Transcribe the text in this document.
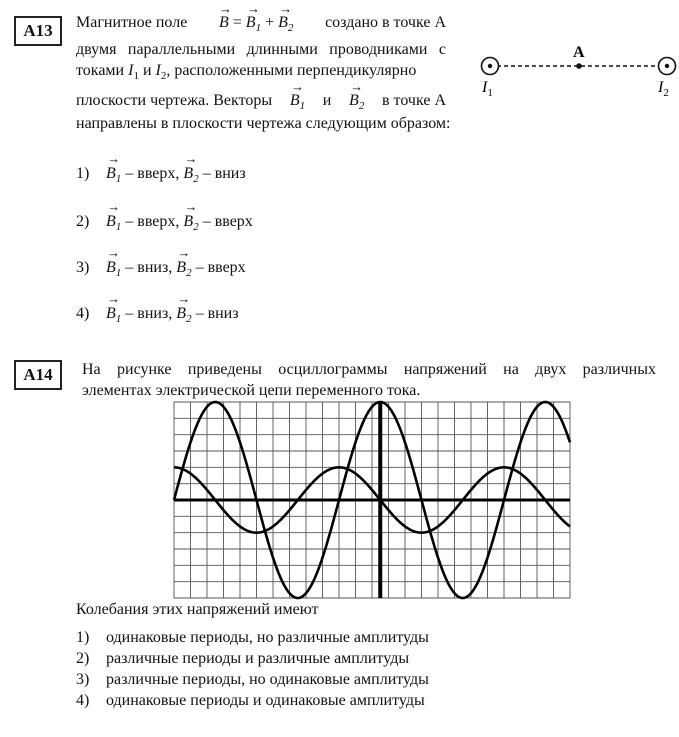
A13	Магнитное поле
→ B = → $B_1$ + → $B_2$ создано в точке А
двумя параллельными длинными проводниками с
токами $I_1$ и $I_2$, расположенными перпендикулярно
плоскости чертежа. Векторы
→ $B_1$ и
→ $B_2$ в точке А
направлены в плоскости чертежа следующим образом:
A
$I_1$	$I_2$
$1) \to B_1$ – вверх, → $B_2$ – вниз
$2) \to B_1$ – вверх, → $B_2$ – вверх
$3) \to B_1$ – вниз, → $B_2$ – вверх
$4) \to B_1$ – вниз, → $B_2$ – вниз
A14	На рисунке приведены осциллограммы напряжений на двух различных
элементах электрической цепи переменного тока.
Колебания этих напряжений имеют
1) одинаковые периоды, но различные амплитуды
2) различные периоды и различные амплитуды
3) различные периоды, но одинаковые амплитуды
4) одинаковые периоды и одинаковые амплитуды
